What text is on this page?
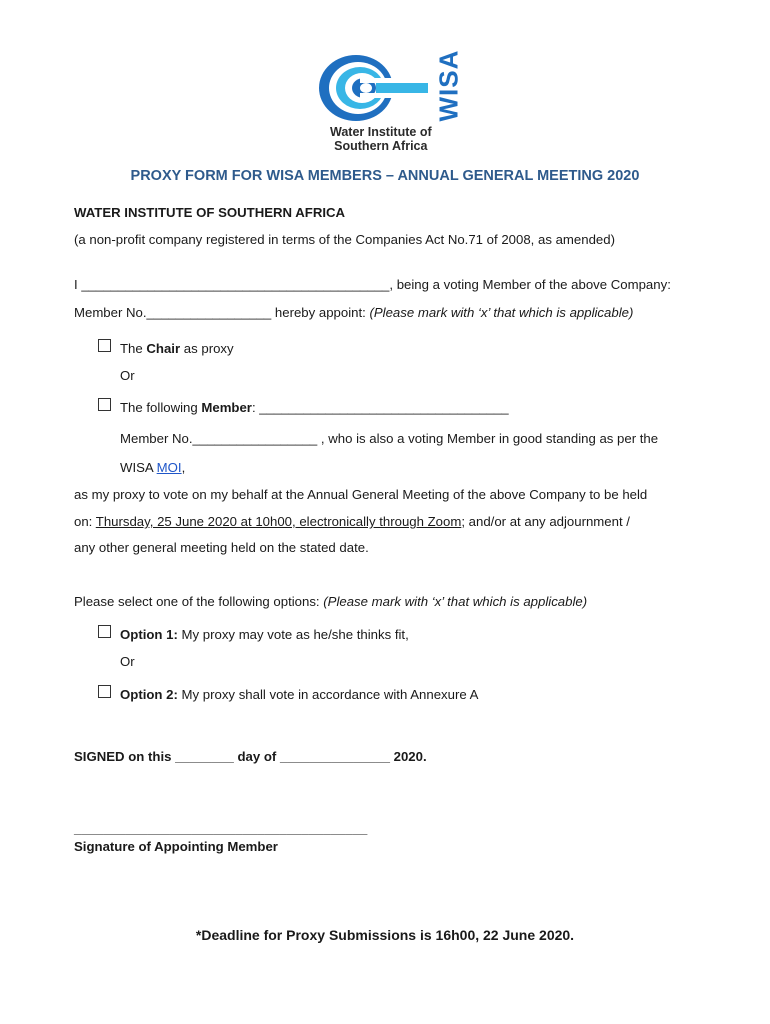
WISA
Water Institute of
Southern Africa
PROXY FORM FOR WISA MEMBERS – ANNUAL GENERAL MEETING 2020
WATER INSTITUTE OF SOUTHERN AFRICA
(a non-profit company registered in terms of the Companies Act No.71 of 2008, as amended)
I __________________________________________, being a voting Member of the above Company:
Member No._________________ hereby appoint: (Please mark with ‘x’ that which is applicable)
The Chair as proxy
Or
The following Member: __________________________________
Member No._________________ , who is also a voting Member in good standing as per the
WISA MOI,
as my proxy to vote on my behalf at the Annual General Meeting of the above Company to be held
on: Thursday, 25 June 2020 at 10h00, electronically through Zoom; and/or at any adjournment /
any other general meeting held on the stated date.
Please select one of the following options: (Please mark with ‘x’ that which is applicable)
Option 1: My proxy may vote as he/she thinks fit,
Or
Option 2: My proxy shall vote in accordance with Annexure A
SIGNED on this ________ day of _______________ 2020.
________________________________________
Signature of Appointing Member
*Deadline for Proxy Submissions is 16h00, 22 June 2020.
